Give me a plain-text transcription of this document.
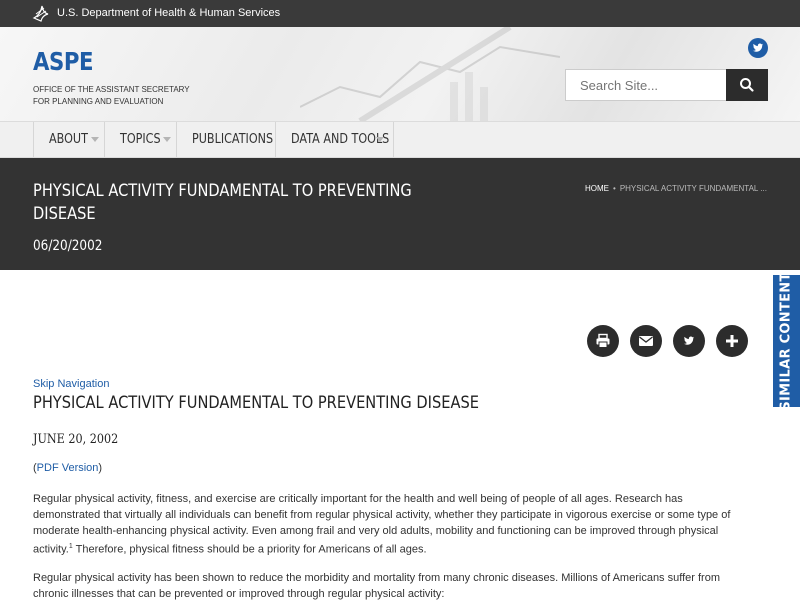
U.S. Department of Health & Human Services
ASPE
OFFICE OF THE ASSISTANT SECRETARY
FOR PLANNING AND EVALUATION
Search Site...
ABOUT TOPICS PUBLICATIONS DATA AND TOOLS
PHYSICAL ACTIVITY FUNDAMENTAL TO PREVENTING DISEASE
06/20/2002
HOME • PHYSICAL ACTIVITY FUNDAMENTAL ...
SIMILAR CONTENT
Skip Navigation
PHYSICAL ACTIVITY FUNDAMENTAL TO PREVENTING DISEASE
JUNE 20, 2002
(PDF Version)

Regular physical activity, fitness, and exercise are critically important for the health and well being of people of all ages. Research has demonstrated that virtually all individuals can benefit from regular physical activity, whether they participate in vigorous exercise or some type of moderate health-enhancing physical activity. Even among frail and very old adults, mobility and functioning can be improved through physical activity.$^1$ Therefore, physical fitness should be a priority for Americans of all ages.

Regular physical activity has been shown to reduce the morbidity and mortality from many chronic diseases. Millions of Americans suffer from chronic illnesses that can be prevented or improved through regular physical activity:
